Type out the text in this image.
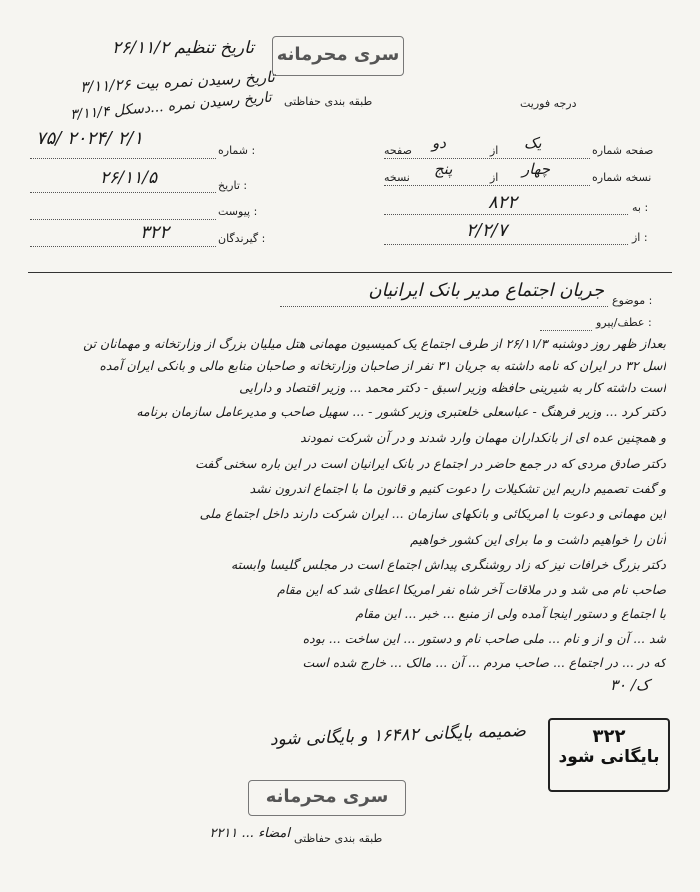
سری محرمانه
طبقه بندی حفاظتی	درجه فوریت
تاریخ تنظیم ۲۶/۱۱/۲
تاریخ رسیدن نمره بیت ۳/۱۱/۲۶
تاریخ رسیدن نمره ...دسکل ۳/۱۱/۴
شماره :
۷۵/ ۲۰۲۴/ ۲/۱
تاریخ :
۲۶/۱۱/۵
پیوست :
گیرندگان :
۳۲۲
صفحه شماره
یک
از
دو
صفحه
نسخه شماره
چهار
از
پنج
نسخه
به :
۸۲۲
از :
۲/۲/۷
موضوع :
جریان اجتماع مدیر بانک ایرانیان
عطف/پیرو :
بعداز ظهر روز دوشنبه ۲۶/۱۱/۳ از طرف اجتماع یک کمیسیون مهمانی هتل میلیان بزرگ از وزارتخانه و مهمانان تن
اسل ۳۲ در ایران که نامه داشته به جریان ۳۱ نفر از صاحبان وزارتخانه و صاحبان منابع مالی و بانکی ایران آمده
است داشته کار به شیرینی حافظه وزیر اسبق - دکتر محمد ... وزیر اقتصاد و دارایی
دکتر کرد ... وزیر فرهنگ - عباسعلی خلعتبری وزیر کشور - ... سهیل صاحب و مدیرعامل سازمان برنامه
و همچنین عده ای از بانکداران مهمان وارد شدند و در آن شرکت نمودند
دکتر صادق مردی که در جمع حاضر در اجتماع در بانک ایرانیان است در این باره سخنی گفت
و گفت تصمیم داریم این تشکیلات را دعوت کنیم و قانون ما با اجتماع اندرون نشد
این مهمانی و دعوت با امریکائی و بانکهای سازمان ... ایران شرکت دارند داخل اجتماع ملی
آنان را خواهیم داشت و ما برای این کشور خواهیم
دکتر بزرگ خرافات نیز که زاد روشنگری پیداش اجتماع است در مجلس گلیسا وابسته
صاحب نام می شد و در ملاقات آخر شاه نفر امریکا اعطای شد که این مقام
با اجتماع و دستور اینجا آمده ولی از منبع ... خبر ... این مقام
شد ... آن و از و نام ... ملی صاحب نام و دستور ... این ساخت ... بوده
که در ... در اجتماع ... صاحب مردم ... آن ... مالک ... خارج شده است
ک/ ۳۰
ضمیمه بایگانی ۱۶۴۸۲ و بایگانی شود	۳۲۲
بایگانی شود
سری محرمانه
طبقه بندی حفاظتی
امضاء ... ۲۲۱۱
